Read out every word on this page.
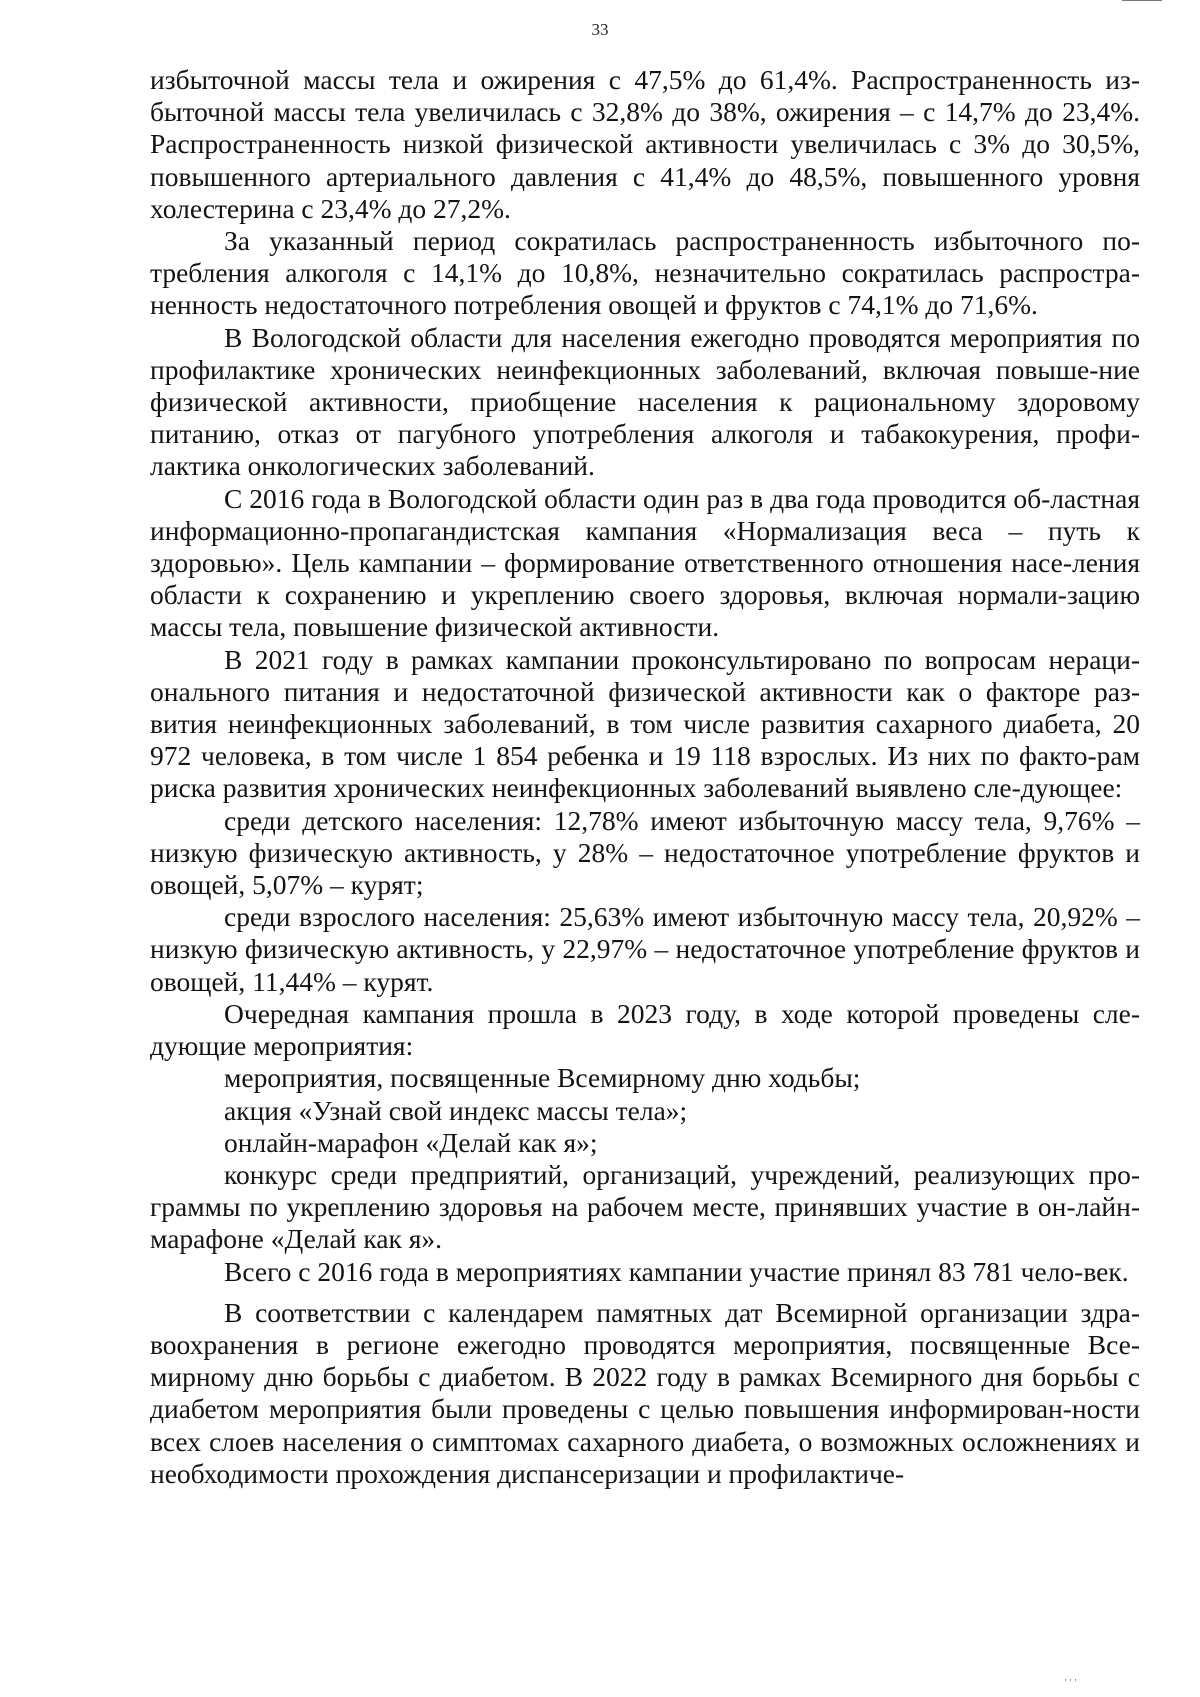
33

избыточной массы тела и ожирения с 47,5% до 61,4%. Распространенность из-быточной массы тела увеличилась с 32,8% до 38%, ожирения – с 14,7% до 23,4%. Распространенность низкой физической активности увеличилась с 3% до 30,5%, повышенного артериального давления с 41,4% до 48,5%, повышенного уровня холестерина с 23,4% до 27,2%.

За указанный период сократилась распространенность избыточного по-требления алкоголя с 14,1% до 10,8%, незначительно сократилась распростра-ненность недостаточного потребления овощей и фруктов с 74,1% до 71,6%.

В Вологодской области для населения ежегодно проводятся мероприятия по профилактике хронических неинфекционных заболеваний, включая повыше-ние физической активности, приобщение населения к рациональному здоровому питанию, отказ от пагубного употребления алкоголя и табакокурения, профи-лактика онкологических заболеваний.

С 2016 года в Вологодской области один раз в два года проводится об-ластная информационно-пропагандистская кампания «Нормализация веса – путь к здоровью». Цель кампании – формирование ответственного отношения насе-ления области к сохранению и укреплению своего здоровья, включая нормали-зацию массы тела, повышение физической активности.

В 2021 году в рамках кампании проконсультировано по вопросам нераци-онального питания и недостаточной физической активности как о факторе раз-вития неинфекционных заболеваний, в том числе развития сахарного диабета, 20 972 человека, в том числе 1 854 ребенка и 19 118 взрослых. Из них по факто-рам риска развития хронических неинфекционных заболеваний выявлено сле-дующее:

среди детского населения: 12,78% имеют избыточную массу тела, 9,76% – низкую физическую активность, у 28% – недостаточное употребление фруктов и овощей, 5,07% – курят;

среди взрослого населения: 25,63% имеют избыточную массу тела, 20,92% – низкую физическую активность, у 22,97% – недостаточное употребление фруктов и овощей, 11,44% – курят.

Очередная кампания прошла в 2023 году, в ходе которой проведены сле-дующие мероприятия:

мероприятия, посвященные Всемирному дню ходьбы;

акция «Узнай свой индекс массы тела»;

онлайн-марафон «Делай как я»;

конкурс среди предприятий, организаций, учреждений, реализующих про-граммы по укреплению здоровья на рабочем месте, принявших участие в он-лайн-марафоне «Делай как я».

Всего с 2016 года в мероприятиях кампании участие принял 83 781 чело-век.

В соответствии с календарем памятных дат Всемирной организации здра-воохранения в регионе ежегодно проводятся мероприятия, посвященные Все-мирному дню борьбы с диабетом. В 2022 году в рамках Всемирного дня борьбы с диабетом мероприятия были проведены с целью повышения информирован-ности всех слоев населения о симптомах сахарного диабета, о возможных осложнениях и необходимости прохождения диспансеризации и профилактиче-

'''
